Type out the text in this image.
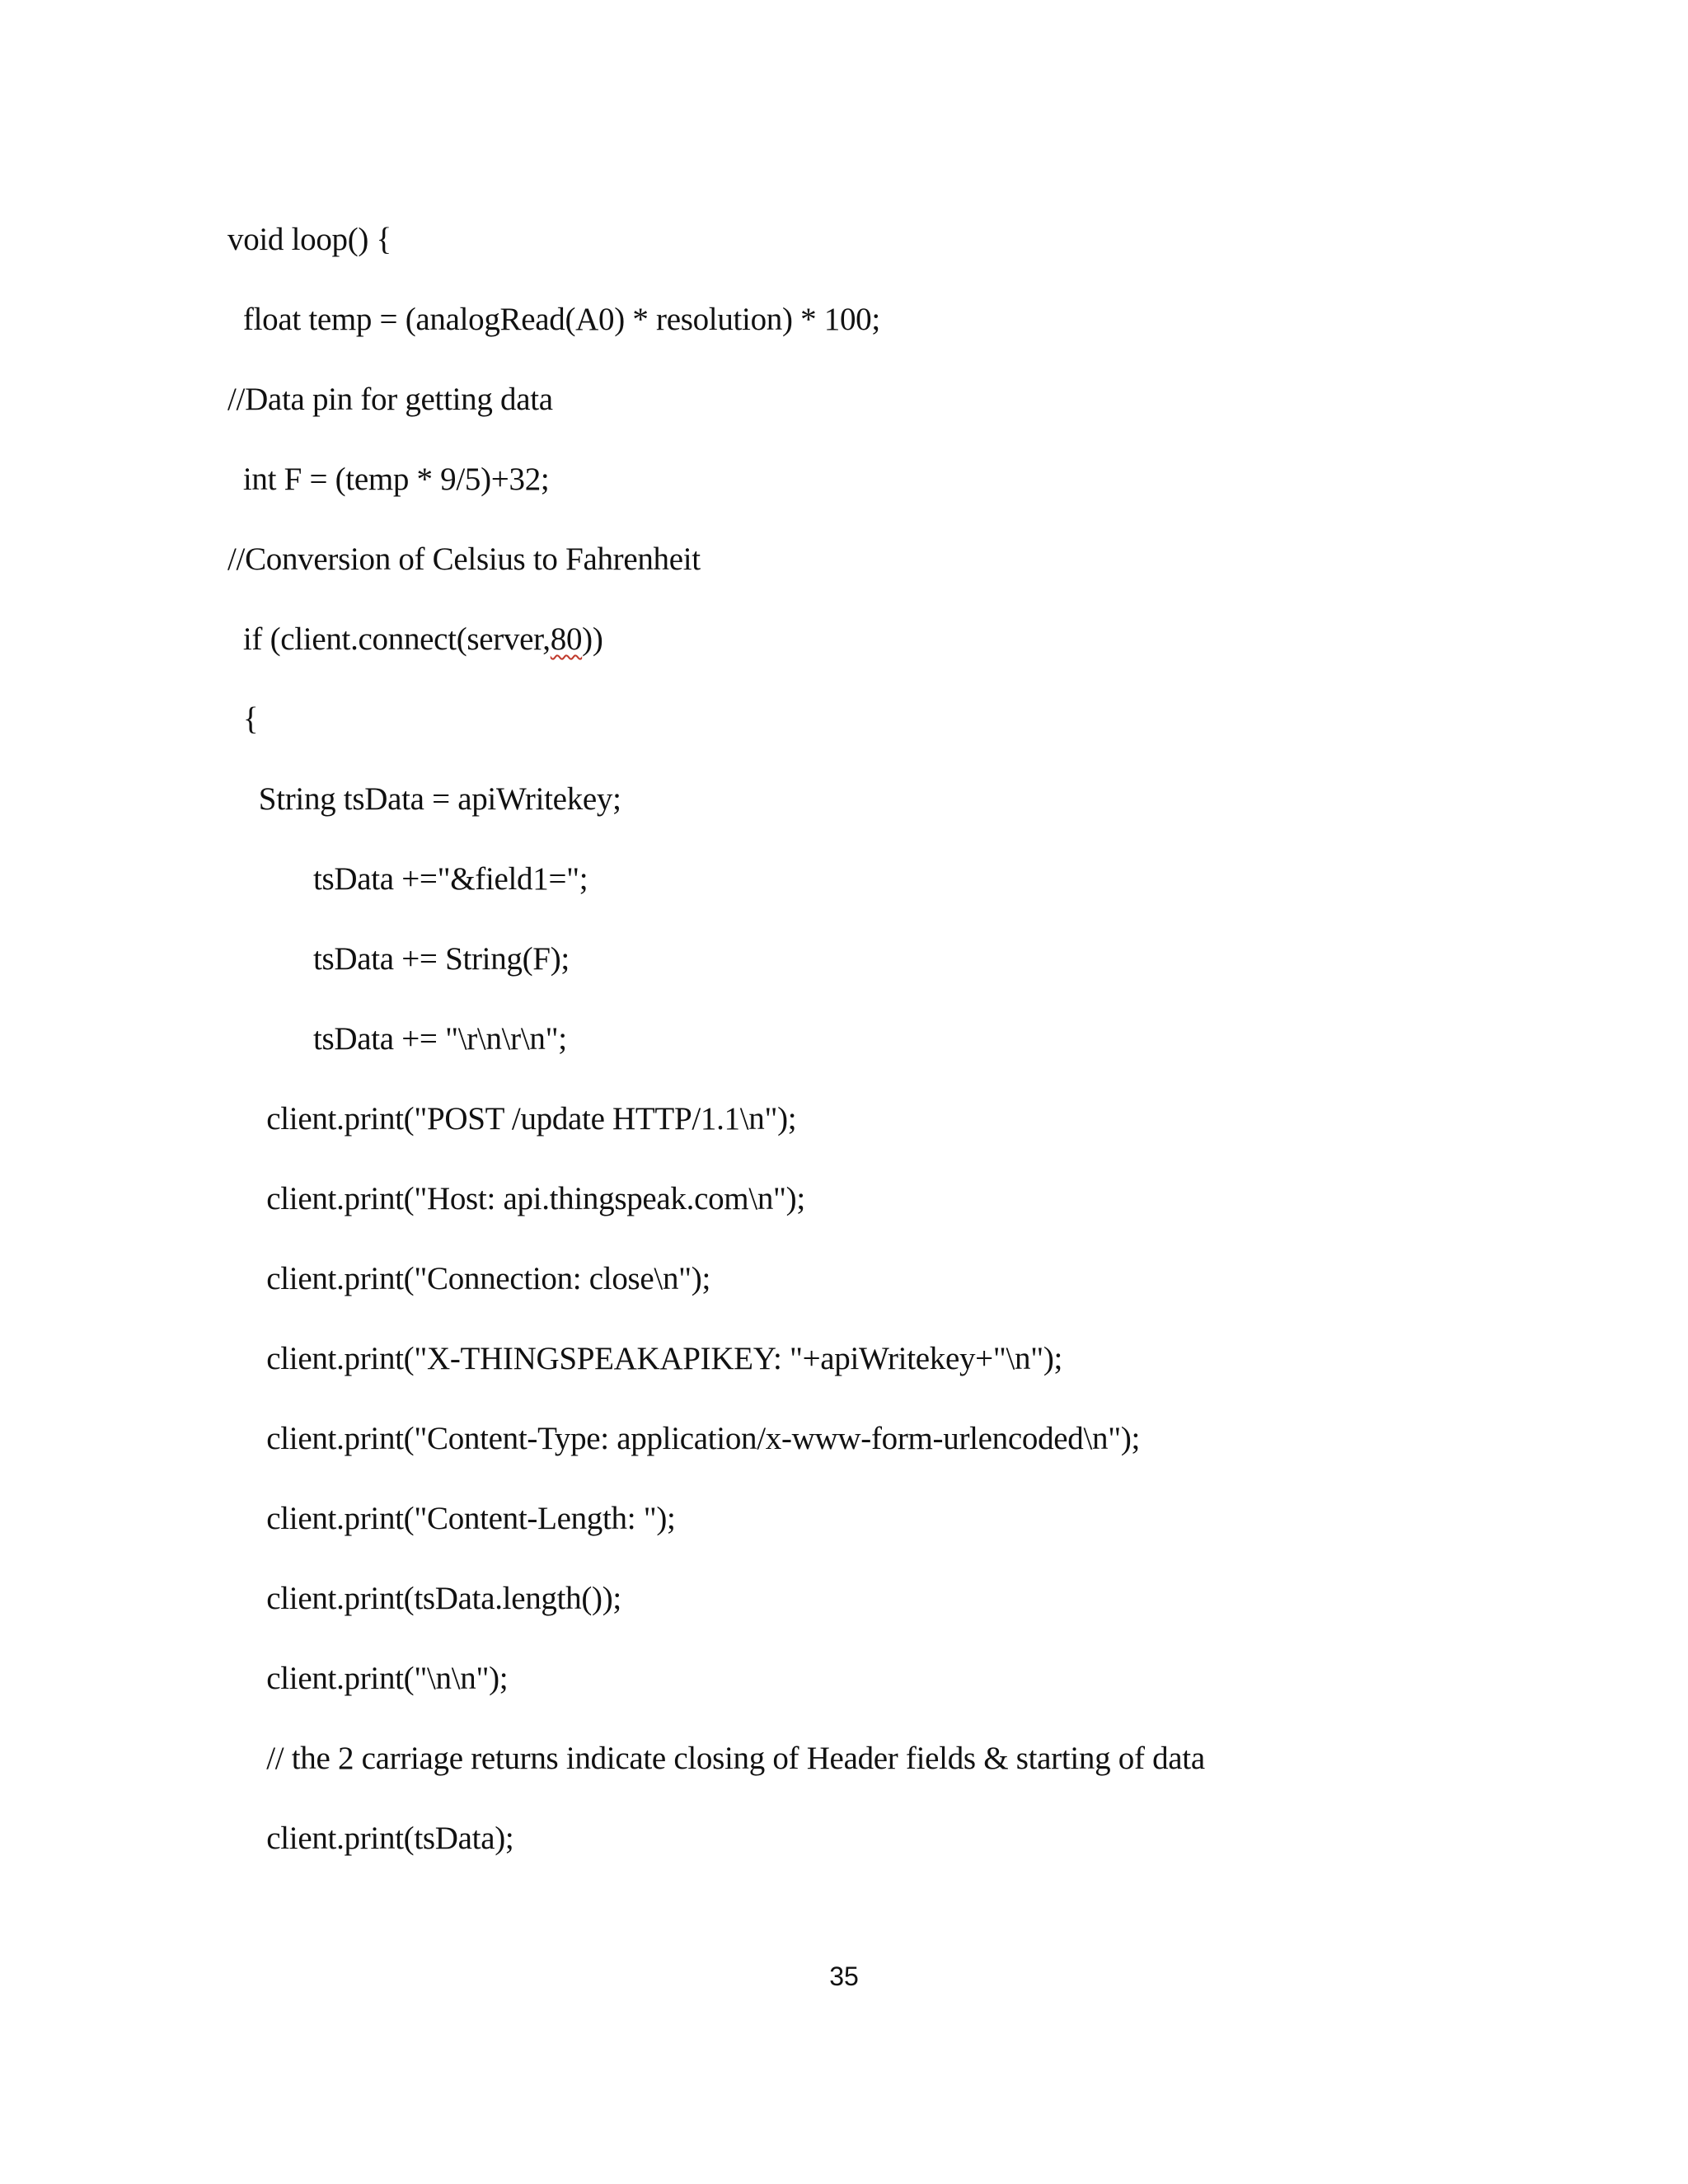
void loop() {
float temp = (analogRead(A0) * resolution) * 100;
//Data pin for getting data
int F = (temp * 9/5)+32;
//Conversion of Celsius to Fahrenheit
if (client.connect(server,80))
{
String tsData = apiWritekey;
tsData +="&field1=";
tsData += String(F);
tsData += "\r\n\r\n";
client.print("POST /update HTTP/1.1\n");
client.print("Host: api.thingspeak.com\n");
client.print("Connection: close\n");
client.print("X-THINGSPEAKAPIKEY: "+apiWritekey+"\n");
client.print("Content-Type: application/x-www-form-urlencoded\n");
client.print("Content-Length: ");
client.print(tsData.length());
client.print("\n\n");
// the 2 carriage returns indicate closing of Header fields & starting of data
client.print(tsData);
35
